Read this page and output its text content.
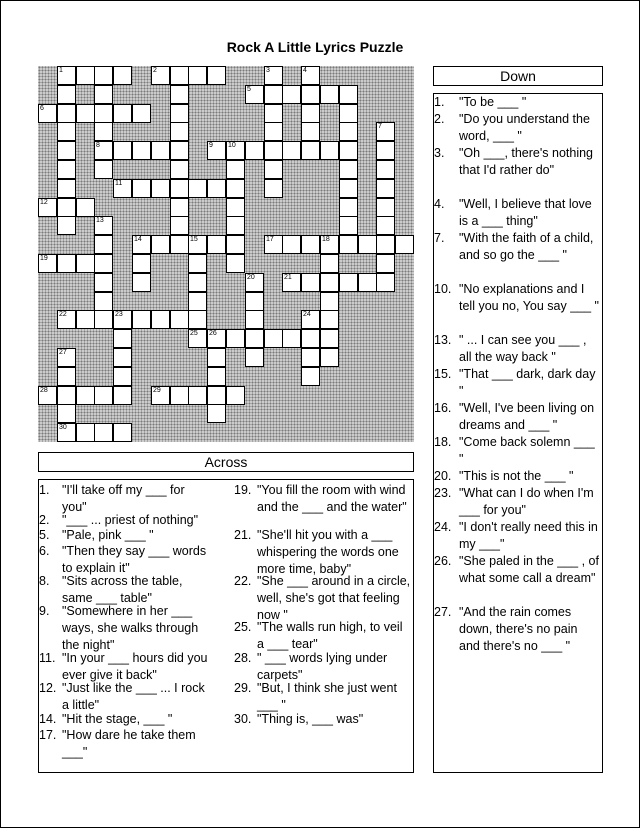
Rock A Little Lyrics Puzzle
1	2	3	4
5
6
7
8	9 10
11
12
13
14	15	17	18
19
20	21
22	23	24
25 26
27
28	29
30
Down
1. "To be ___ "
2. "Do you understand the word, ___ "
3. "Oh ___, there's nothing that I'd rather do"
4. "Well, I believe that love is a ___ thing"
7. "With the faith of a child, and so go the ___ "
10. "No explanations and I tell you no, You say ___ "
13. " ... I can see you ___ , all the way back "
15. "That ___ dark, dark day "
16. "Well, I've been living on dreams and ___ "
18. "Come back solemn ___ "
20. "This is not the ___ "
23. "What can I do when I'm ___ for you"
24. "I don't really need this in my ___"
26. "She paled in the ___ , of what some call a dream"
27. "And the rain comes down, there's no pain and there's no ___ "
Across
1. "I'll take off my ___ for you"
2. "___ ... priest of nothing"
5. "Pale, pink ___ "
6. "Then they say ___ words to explain it"
8. "Sits across the table, same ___ table"
9. "Somewhere in her ___ ways, she walks through the night"
11. "In your ___ hours did you ever give it back"
12. "Just like the ___ ... I rock a little"
14. "Hit the stage, ___ "
17. "How dare he take them ___"
19. "You fill the room with wind and the ___ and the water"
21. "She'll hit you with a ___ whispering the words one more time, baby"
22. "She ___ around in a circle, well, she's got that feeling now "
25. "The walls run high, to veil a ___ tear"
28. " ___ words lying under carpets"
29. "But, I think she just went ___ "
30. "Thing is, ___ was"
